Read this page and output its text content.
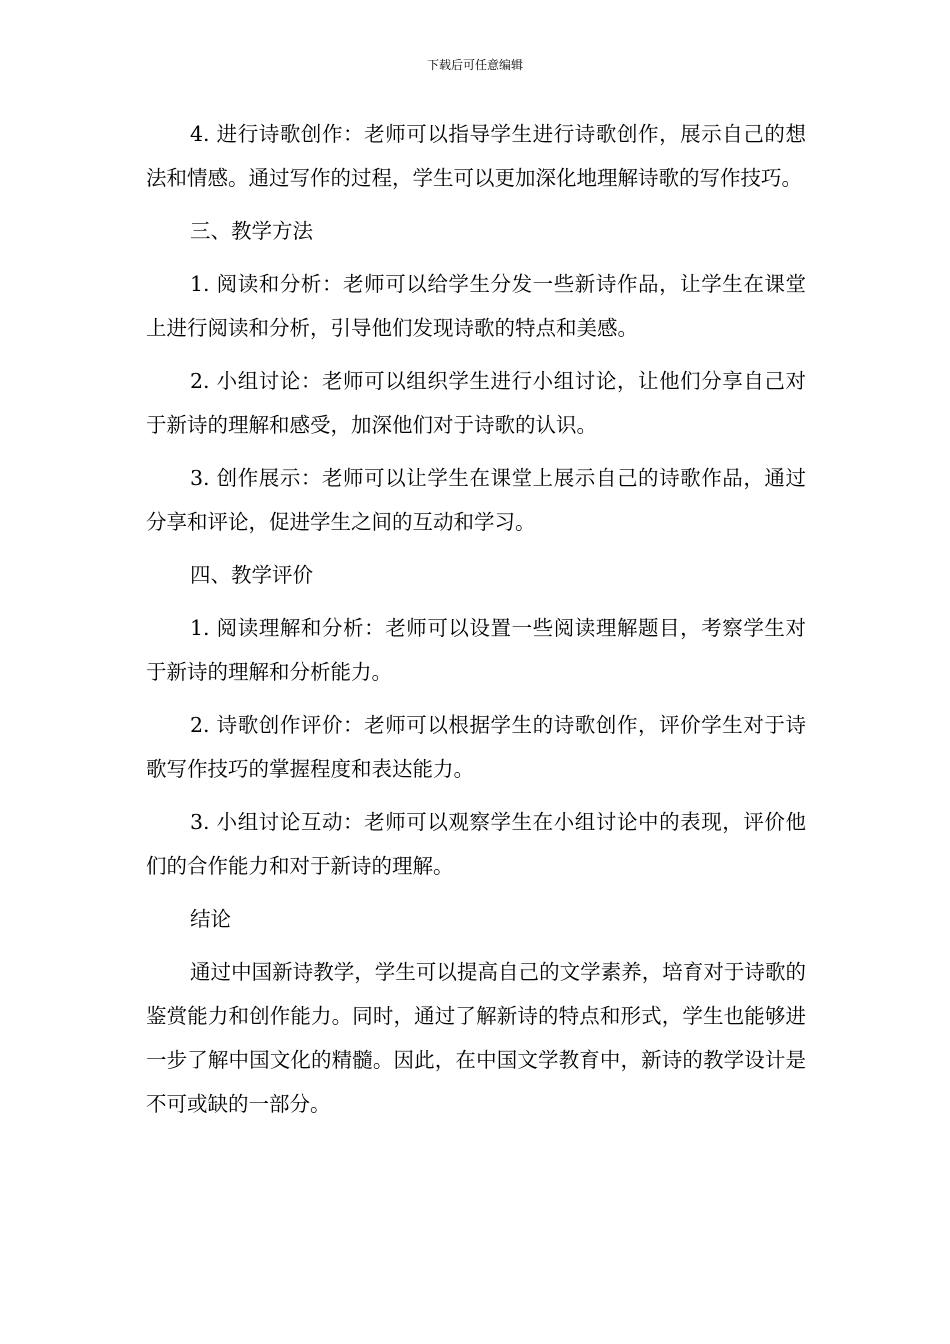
下载后可任意编辑

4. 进行诗歌创作：老师可以指导学生进行诗歌创作，展示自己的想法和情感。通过写作的过程，学生可以更加深化地理解诗歌的写作技巧。

三、教学方法

1. 阅读和分析：老师可以给学生分发一些新诗作品，让学生在课堂上进行阅读和分析，引导他们发现诗歌的特点和美感。

2. 小组讨论：老师可以组织学生进行小组讨论，让他们分享自己对于新诗的理解和感受，加深他们对于诗歌的认识。

3. 创作展示：老师可以让学生在课堂上展示自己的诗歌作品，通过分享和评论，促进学生之间的互动和学习。

四、教学评价

1. 阅读理解和分析：老师可以设置一些阅读理解题目，考察学生对于新诗的理解和分析能力。

2. 诗歌创作评价：老师可以根据学生的诗歌创作，评价学生对于诗歌写作技巧的掌握程度和表达能力。

3. 小组讨论互动：老师可以观察学生在小组讨论中的表现，评价他们的合作能力和对于新诗的理解。

结论

通过中国新诗教学，学生可以提高自己的文学素养，培育对于诗歌的鉴赏能力和创作能力。同时，通过了解新诗的特点和形式，学生也能够进一步了解中国文化的精髓。因此，在中国文学教育中，新诗的教学设计是不可或缺的一部分。
